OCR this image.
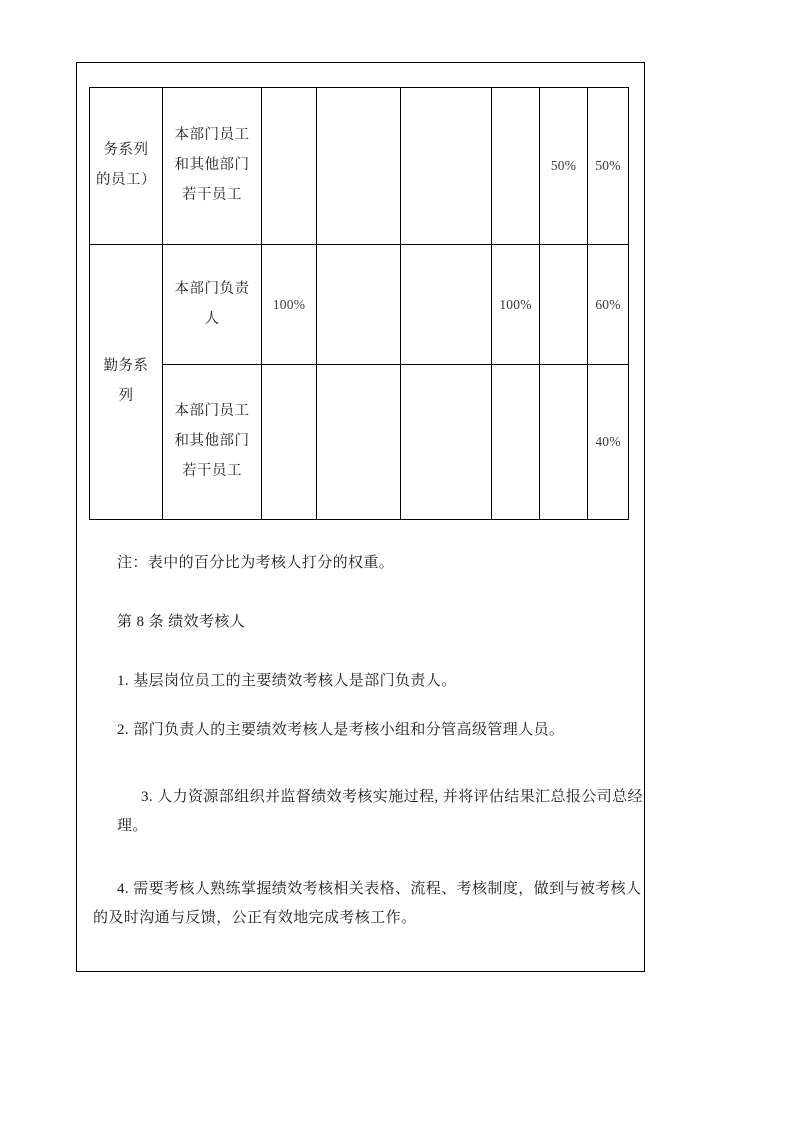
务系列
的员工）	本部门员工
和其他部门
若干员工					50%	50%

勤务系
列	本部门负责
人	100%			100%		60%

	本部门员工
和其他部门
若干员工						40%
注：表中的百分比为考核人打分的权重。
第 8 条 绩效考核人
1. 基层岗位员工的主要绩效考核人是部门负责人。
2. 部门负责人的主要绩效考核人是考核小组和分管高级管理人员。
3. 人力资源部组织并监督绩效考核实施过程, 并将评估结果汇总报公司总经理。
4. 需要考核人熟练掌握绩效考核相关表格、流程、考核制度，做到与被考核人的及时沟通与反馈，公正有效地完成考核工作。
